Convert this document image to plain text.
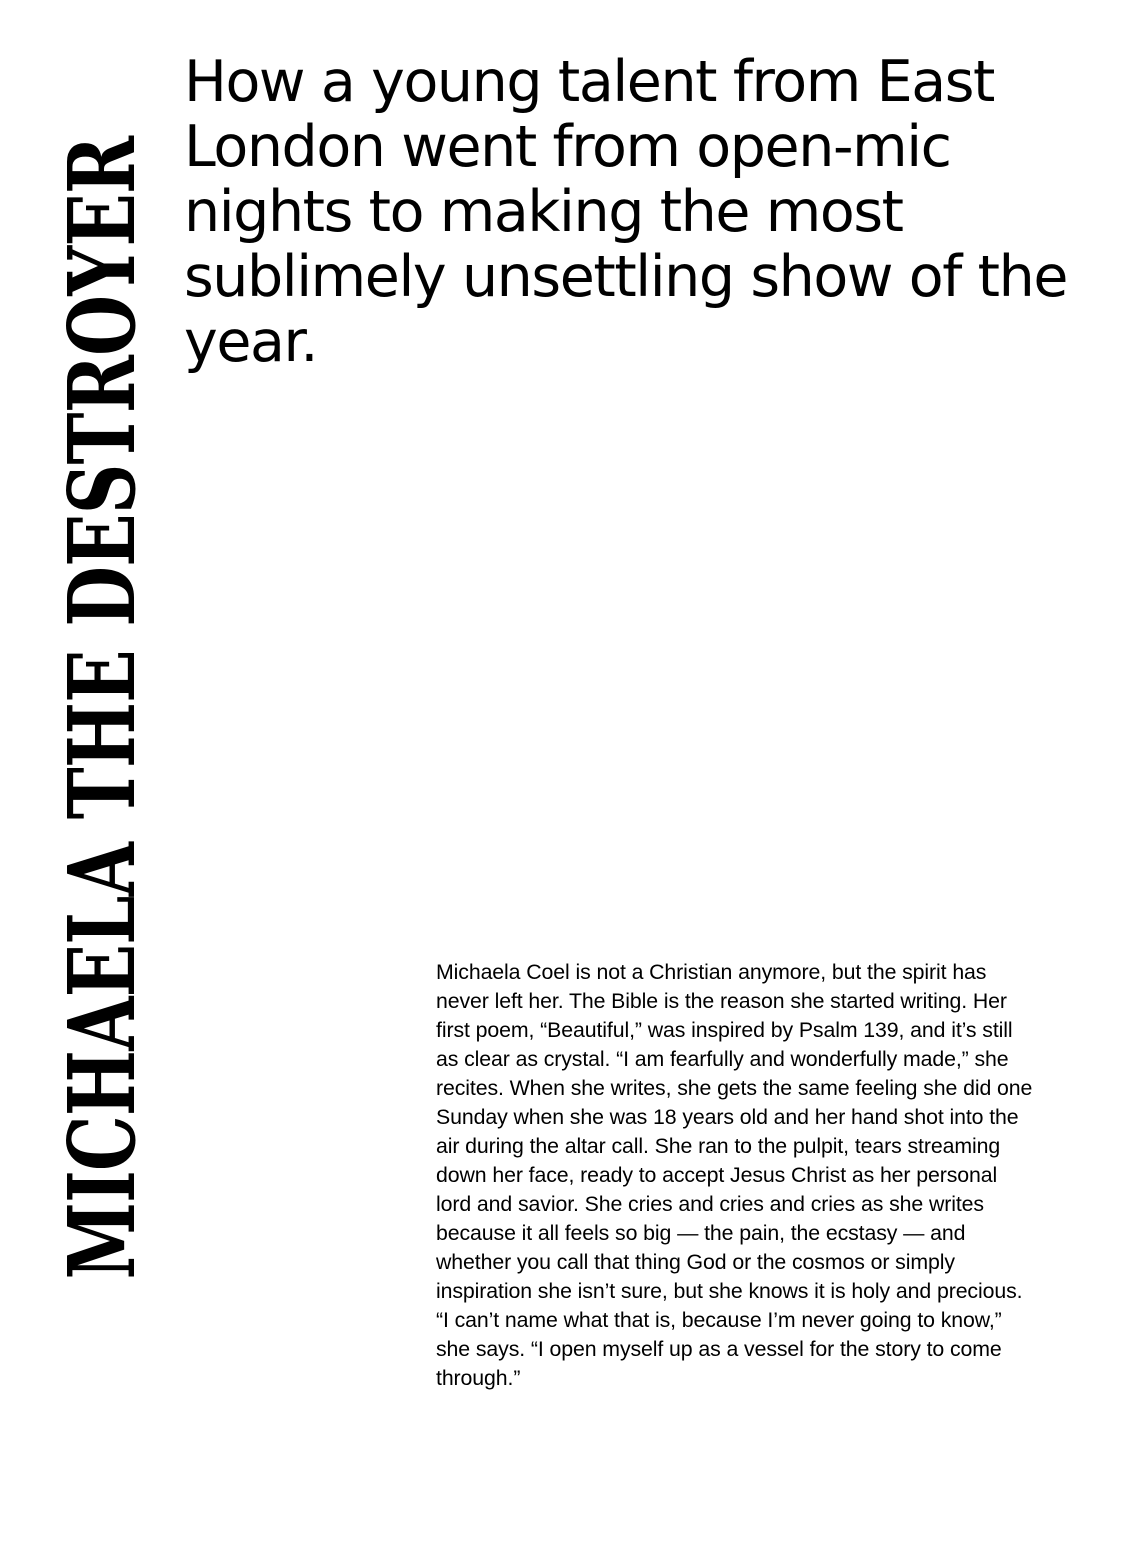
MICHAELA THE DESTROYER
How a young talent from East London went from open-mic nights to making the most sublimely unsettling show of the year.

Michaela Coel is not a Christian anymore, but the spirit has never left her. The Bible is the reason she started writing. Her first poem, “Beautiful,” was inspired by Psalm 139, and it’s still as clear as crystal. “I am fearfully and wonderfully made,” she recites. When she writes, she gets the same feeling she did one Sunday when she was 18 years old and her hand shot into the air during the altar call. She ran to the pulpit, tears streaming down her face, ready to accept Jesus Christ as her personal lord and savior. She cries and cries and cries as she writes because it all feels so big — the pain, the ecstasy — and whether you call that thing God or the cosmos or simply inspiration she isn’t sure, but she knows it is holy and precious. “I can’t name what that is, because I’m never going to know,” she says. “I open myself up as a vessel for the story to come through.”
